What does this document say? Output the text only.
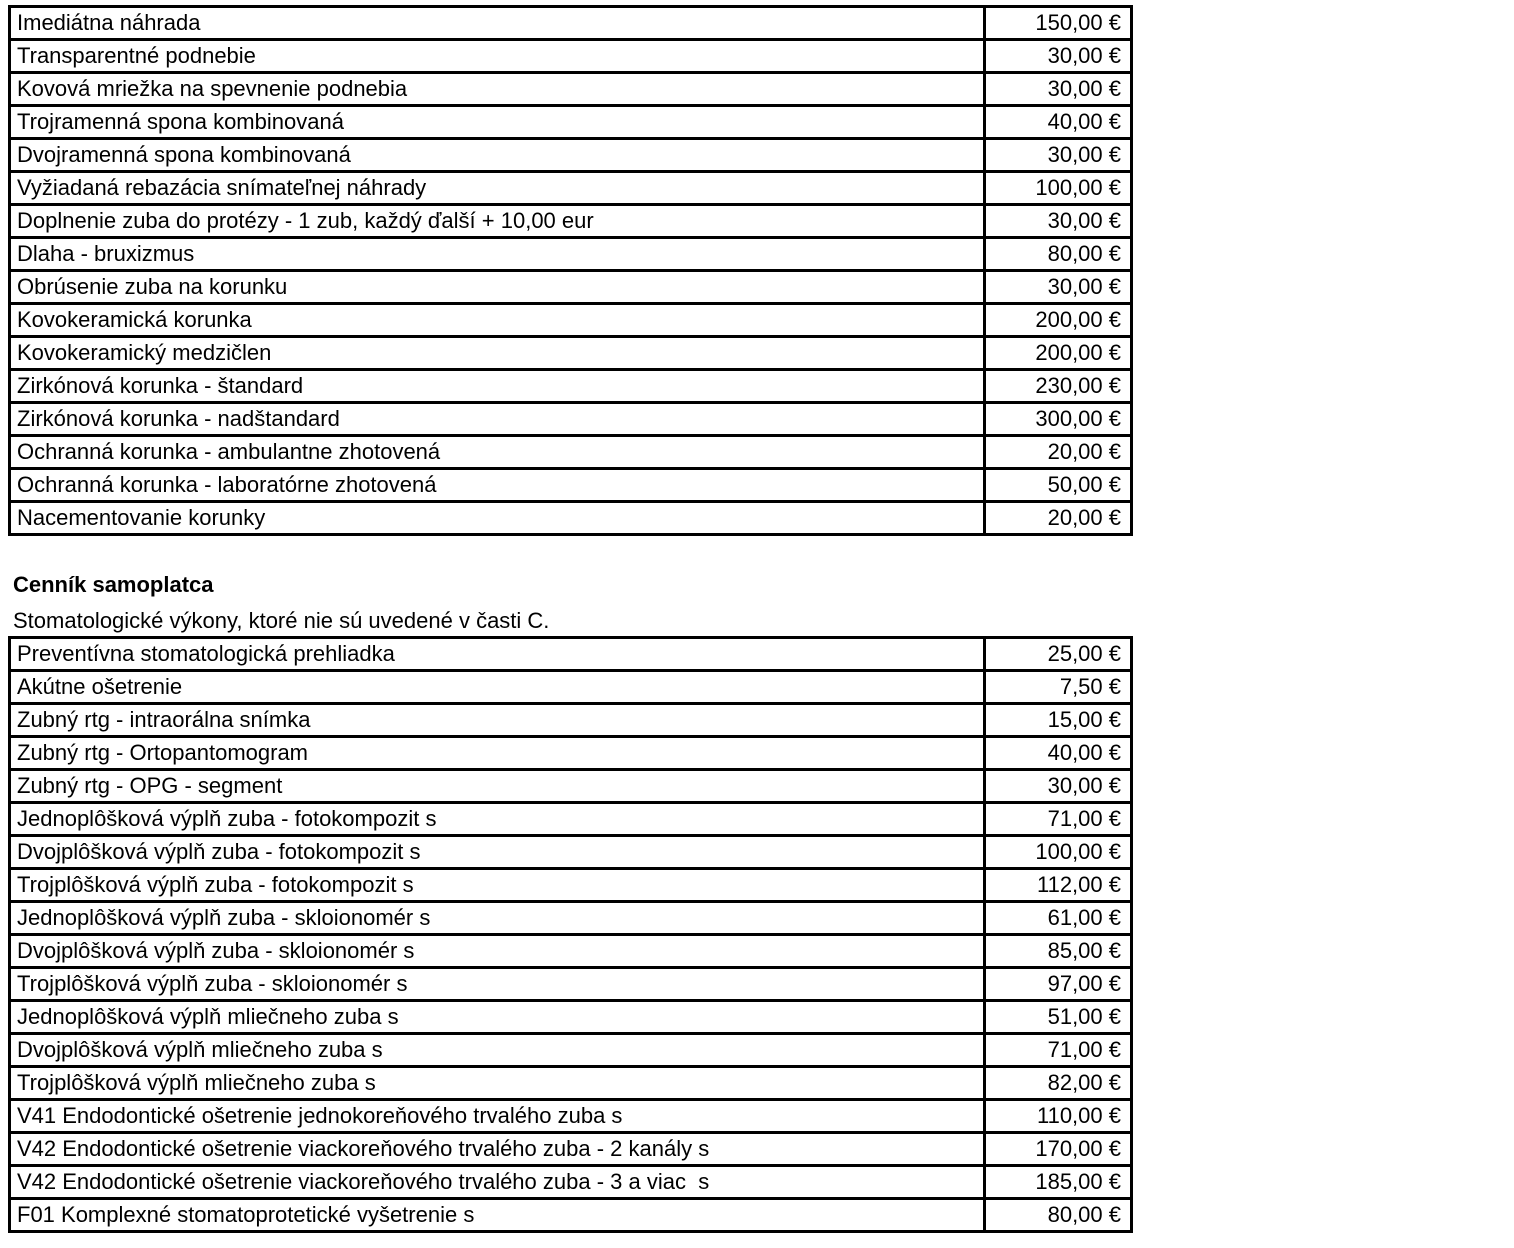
Imediátna náhrada	150,00 €
Transparentné podnebie	30,00 €
Kovová mriežka na spevnenie podnebia	30,00 €
Trojramenná spona kombinovaná	40,00 €
Dvojramenná spona kombinovaná	30,00 €
Vyžiadaná rebazácia snímateľnej náhrady	100,00 €
Doplnenie zuba do protézy - 1 zub, každý ďalší + 10,00 eur	30,00 €
Dlaha - bruxizmus	80,00 €
Obrúsenie zuba na korunku	30,00 €
Kovokeramická korunka	200,00 €
Kovokeramický medzičlen	200,00 €
Zirkónová korunka - štandard	230,00 €
Zirkónová korunka - nadštandard	300,00 €
Ochranná korunka - ambulantne zhotovená	20,00 €
Ochranná korunka - laboratórne zhotovená	50,00 €
Nacementovanie korunky	20,00 €
Cenník samoplatca
Stomatologické výkony, ktoré nie sú uvedené v časti C.
Preventívna stomatologická prehliadka	25,00 €
Akútne ošetrenie	7,50 €
Zubný rtg - intraorálna snímka	15,00 €
Zubný rtg - Ortopantomogram	40,00 €
Zubný rtg - OPG - segment	30,00 €
Jednoplôšková výplň zuba - fotokompozit s	71,00 €
Dvojplôšková výplň zuba - fotokompozit s	100,00 €
Trojplôšková výplň zuba - fotokompozit s	112,00 €
Jednoplôšková výplň zuba - skloionomér s	61,00 €
Dvojplôšková výplň zuba - skloionomér s	85,00 €
Trojplôšková výplň zuba - skloionomér s	97,00 €
Jednoplôšková výplň mliečneho zuba s	51,00 €
Dvojplôšková výplň mliečneho zuba s	71,00 €
Trojplôšková výplň mliečneho zuba s	82,00 €
V41 Endodontické ošetrenie jednokoreňového trvalého zuba s	110,00 €
V42 Endodontické ošetrenie viackoreňového trvalého zuba - 2 kanály s	170,00 €
V42 Endodontické ošetrenie viackoreňového trvalého zuba - 3 a viac  s	185,00 €
F01 Komplexné stomatoprotetické vyšetrenie s	80,00 €
